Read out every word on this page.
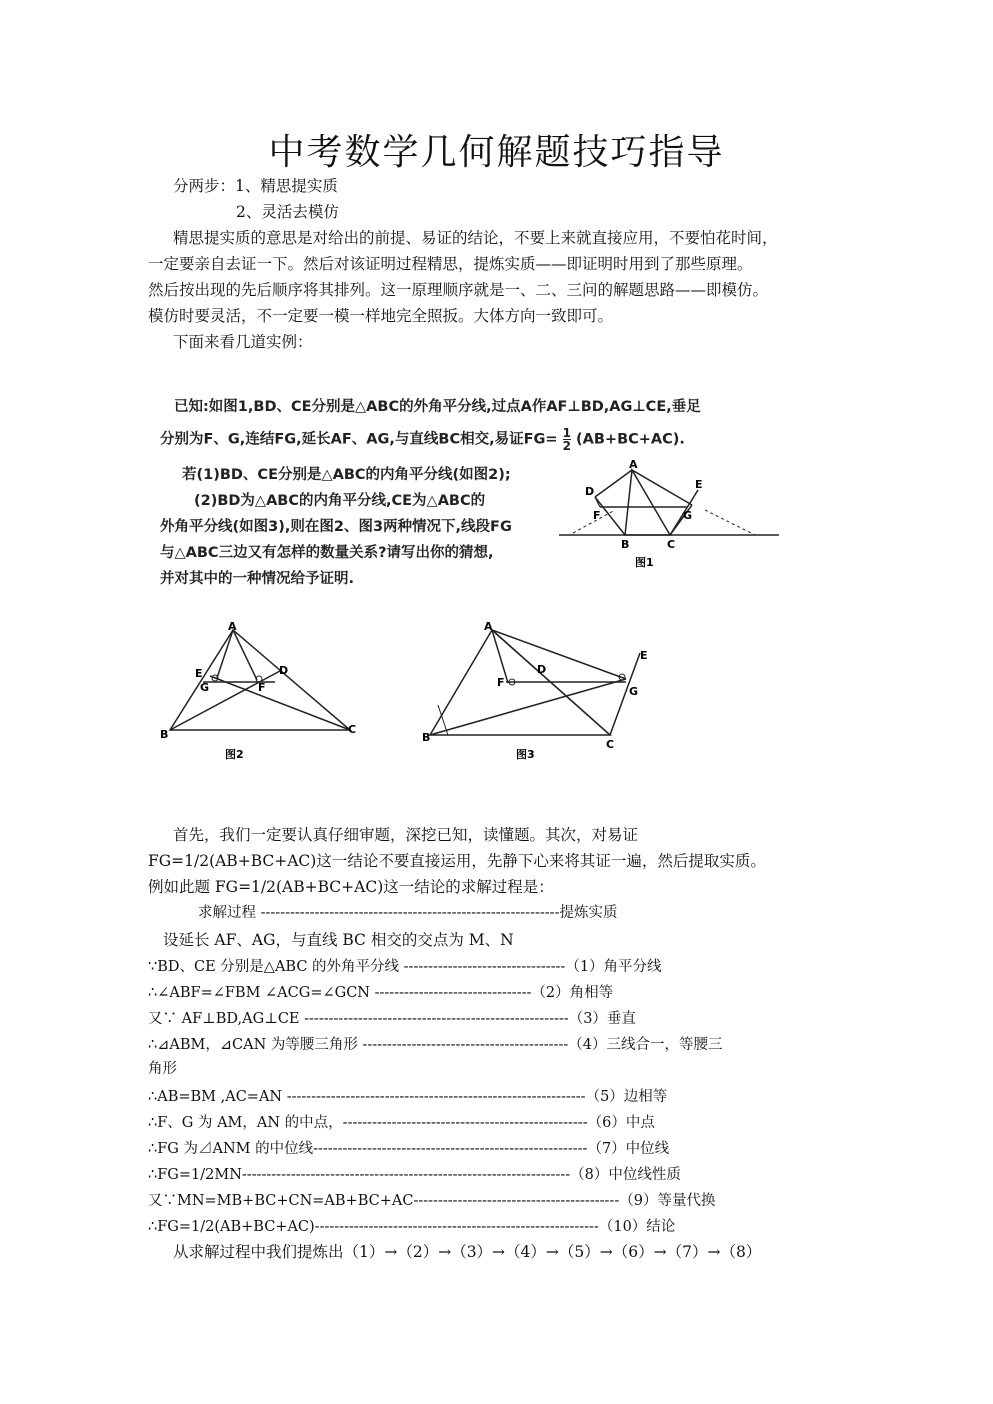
中考数学几何解题技巧指导
分两步：1、精思提实质
2、灵活去模仿
精思提实质的意思是对给出的前提、易证的结论，不要上来就直接应用，不要怕花时间，
一定要亲自去证一下。然后对该证明过程精思，提炼实质——即证明时用到了那些原理。
然后按出现的先后顺序将其排列。这一原理顺序就是一、二、三问的解题思路——即模仿。
模仿时要灵活，不一定要一模一样地完全照扳。大体方向一致即可。
下面来看几道实例：
已知:如图1,BD、CE分别是△ABC的外角平分线,过点A作AF⊥BD,AG⊥CE,垂足
分别为F、G,连结FG,延长AF、AG,与直线BC相交,易证$FG= \frac{1}{2} (AB+BC+AC)$.
若(1)BD、CE分别是△ABC的内角平分线(如图2);
(2)BD为△ABC的内角平分线,CE为△ABC的
外角平分线(如图3),则在图2、图3两种情况下,线段FG
与△ABC三边又有怎样的数量关系?请写出你的猜想,
并对其中的一种情况给予证明.
A
B	C
D
E
F	G
图1
A
B	C
D
E
F
G
图2
A
B
C
D
E
F
G
图3
首先，我们一定要认真仔细审题，深挖已知，读懂题。其次，对易证
FG=1/2(AB+BC+AC)这一结论不要直接运用，先静下心来将其证一遍，然后提取实质。
例如此题 FG=1/2(AB+BC+AC)这一结论的求解过程是：
求解过程 -------------------------------------------------------------提炼实质
设延长 AF、AG，与直线 BC 相交的交点为 M、N
∵BD、CE 分别是△ABC 的外角平分线 ---------------------------------（1）角平分线
∴∠ABF=∠FBM ∠ACG=∠GCN --------------------------------（2）角相等
又∵ AF⊥BD,AG⊥CE ------------------------------------------------------（3）垂直
∴⊿ABM，⊿CAN 为等腰三角形 ------------------------------------------（4）三线合一，等腰三
角形
∴AB=BM ,AC=AN -------------------------------------------------------------（5）边相等
∴F、G 为 AM，AN 的中点，--------------------------------------------------（6）中点
∴FG 为⊿ANM 的中位线--------------------------------------------------------（7）中位线
∴FG=1/2MN-------------------------------------------------------------------（8）中位线性质
又∵MN=MB+BC+CN=AB+BC+AC------------------------------------------（9）等量代换
∴FG=1/2(AB+BC+AC)----------------------------------------------------------（10）结论
从求解过程中我们提炼出（1）→（2）→（3）→（4）→（5）→（6）→（7）→（8）
